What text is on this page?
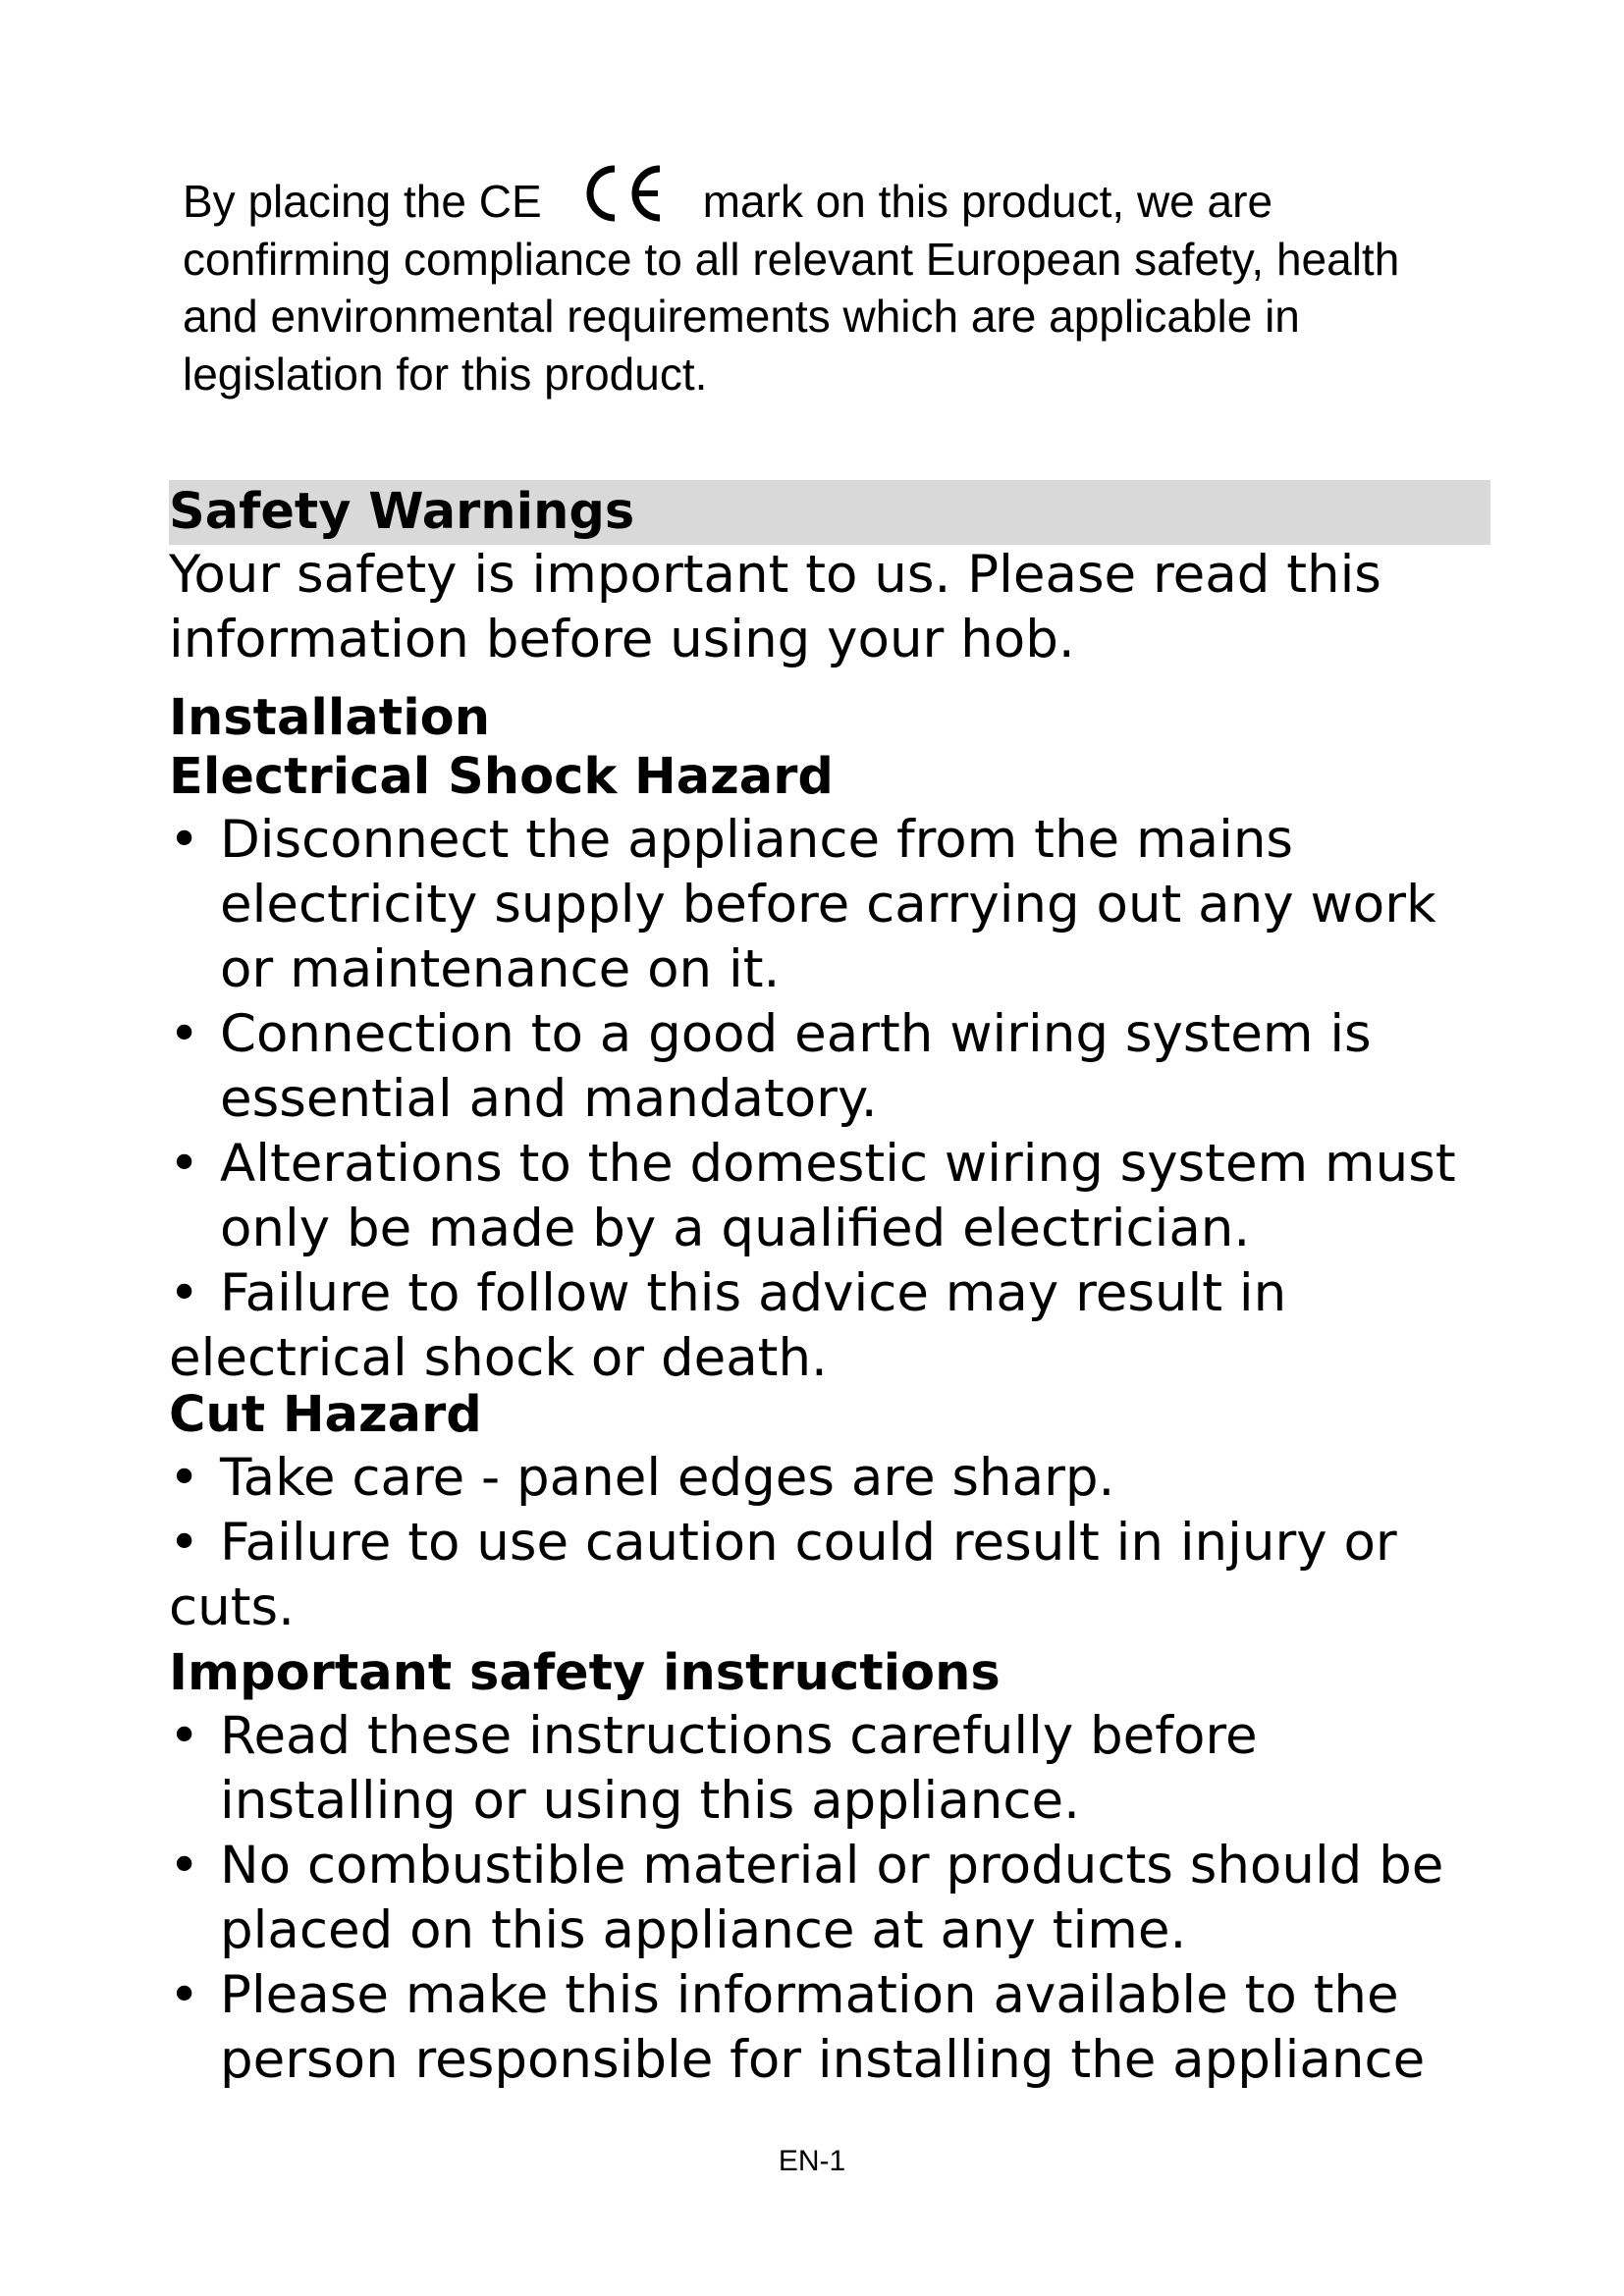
By placing the CE	mark on this product, we are
confirming compliance to all relevant European safety, health
and environmental requirements which are applicable in
legislation for this product.

Safety Warnings

Your safety is important to us. Please read this

information before using your hob.

Installation
Electrical Shock Hazard
• Disconnect the appliance from the mains
electricity supply before carrying out any work
or maintenance on it.
• Connection to a good earth wiring system is
essential and mandatory.
• Alterations to the domestic wiring system must
only be made by a qualified electrician.
• Failure to follow this advice may result in
electrical shock or death.
Cut Hazard
• Take care - panel edges are sharp.
• Failure to use caution could result in injury or
cuts.
Important safety instructions
• Read these instructions carefully before
installing or using this appliance.
• No combustible material or products should be
placed on this appliance at any time.
• Please make this information available to the
person responsible for installing the appliance

EN-1
